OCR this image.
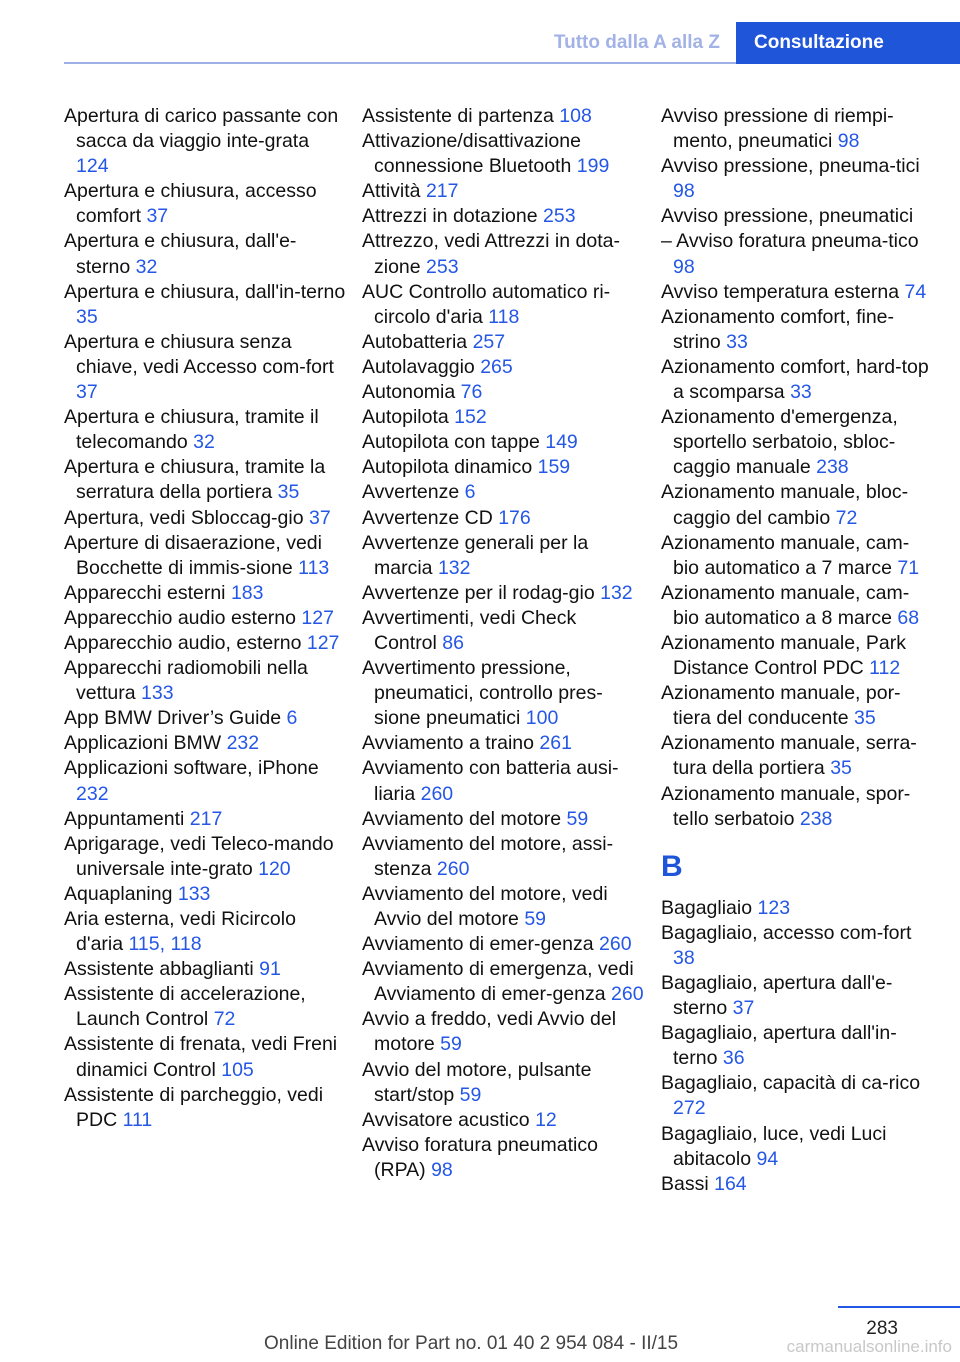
Tutto dalla A alla Z	Consultazione
Apertura di carico passante con sacca da viaggio inte-grata 124
Apertura e chiusura, accesso comfort 37
Apertura e chiusura, dall'e-sterno 32
Apertura e chiusura, dall'in-terno 35
Apertura e chiusura senza chiave, vedi Accesso com-fort 37
Apertura e chiusura, tramite il telecomando 32
Apertura e chiusura, tramite la serratura della portiera 35
Apertura, vedi Sbloccag-gio 37
Aperture di disaerazione, vedi Bocchette di immis-sione 113
Apparecchi esterni 183
Apparecchio audio esterno 127
Apparecchio audio, esterno 127
Apparecchi radiomobili nella vettura 133
App BMW Driver’s Guide 6
Applicazioni BMW 232
Applicazioni software, iPhone 232
Appuntamenti 217
Aprigarage, vedi Teleco-mando universale inte-grato 120
Aquaplaning 133
Aria esterna, vedi Ricircolo d'aria 115, 118
Assistente abbaglianti 91
Assistente di accelerazione, Launch Control 72
Assistente di frenata, vedi Freni dinamici Control 105
Assistente di parcheggio, vedi PDC 111
Assistente di partenza 108
Attivazione/disattivazione connessione Bluetooth 199
Attività 217
Attrezzi in dotazione 253
Attrezzo, vedi Attrezzi in dota-zione 253
AUC Controllo automatico ri-circolo d'aria 118
Autobatteria 257
Autolavaggio 265
Autonomia 76
Autopilota 152
Autopilota con tappe 149
Autopilota dinamico 159
Avvertenze 6
Avvertenze CD 176
Avvertenze generali per la marcia 132
Avvertenze per il rodag-gio 132
Avvertimenti, vedi Check Control 86
Avvertimento pressione, pneumatici, controllo pres-sione pneumatici 100
Avviamento a traino 261
Avviamento con batteria ausi-liaria 260
Avviamento del motore 59
Avviamento del motore, assi-stenza 260
Avviamento del motore, vedi Avvio del motore 59
Avviamento di emer-genza 260
Avviamento di emergenza, vedi Avviamento di emer-genza 260
Avvio a freddo, vedi Avvio del motore 59
Avvio del motore, pulsante start/stop 59
Avvisatore acustico 12
Avviso foratura pneumatico (RPA) 98
Avviso pressione di riempi-mento, pneumatici 98
Avviso pressione, pneuma-tici 98
Avviso pressione, pneumatici
– Avviso foratura pneuma-tico 98
Avviso temperatura esterna 74
Azionamento comfort, fine-strino 33
Azionamento comfort, hard-top a scomparsa 33
Azionamento d'emergenza, sportello serbatoio, sbloc-caggio manuale 238
Azionamento manuale, bloc-caggio del cambio 72
Azionamento manuale, cam-bio automatico a 7 marce 71
Azionamento manuale, cam-bio automatico a 8 marce 68
Azionamento manuale, Park Distance Control PDC 112
Azionamento manuale, por-tiera del conducente 35
Azionamento manuale, serra-tura della portiera 35
Azionamento manuale, spor-tello serbatoio 238
B
Bagagliaio 123
Bagagliaio, accesso com-fort 38
Bagagliaio, apertura dall'e-sterno 37
Bagagliaio, apertura dall'in-terno 36
Bagagliaio, capacità di ca-rico 272
Bagagliaio, luce, vedi Luci abitacolo 94
Bassi 164
283
Online Edition for Part no. 01 40 2 954 084 - II/15	carmanualsonline.info
